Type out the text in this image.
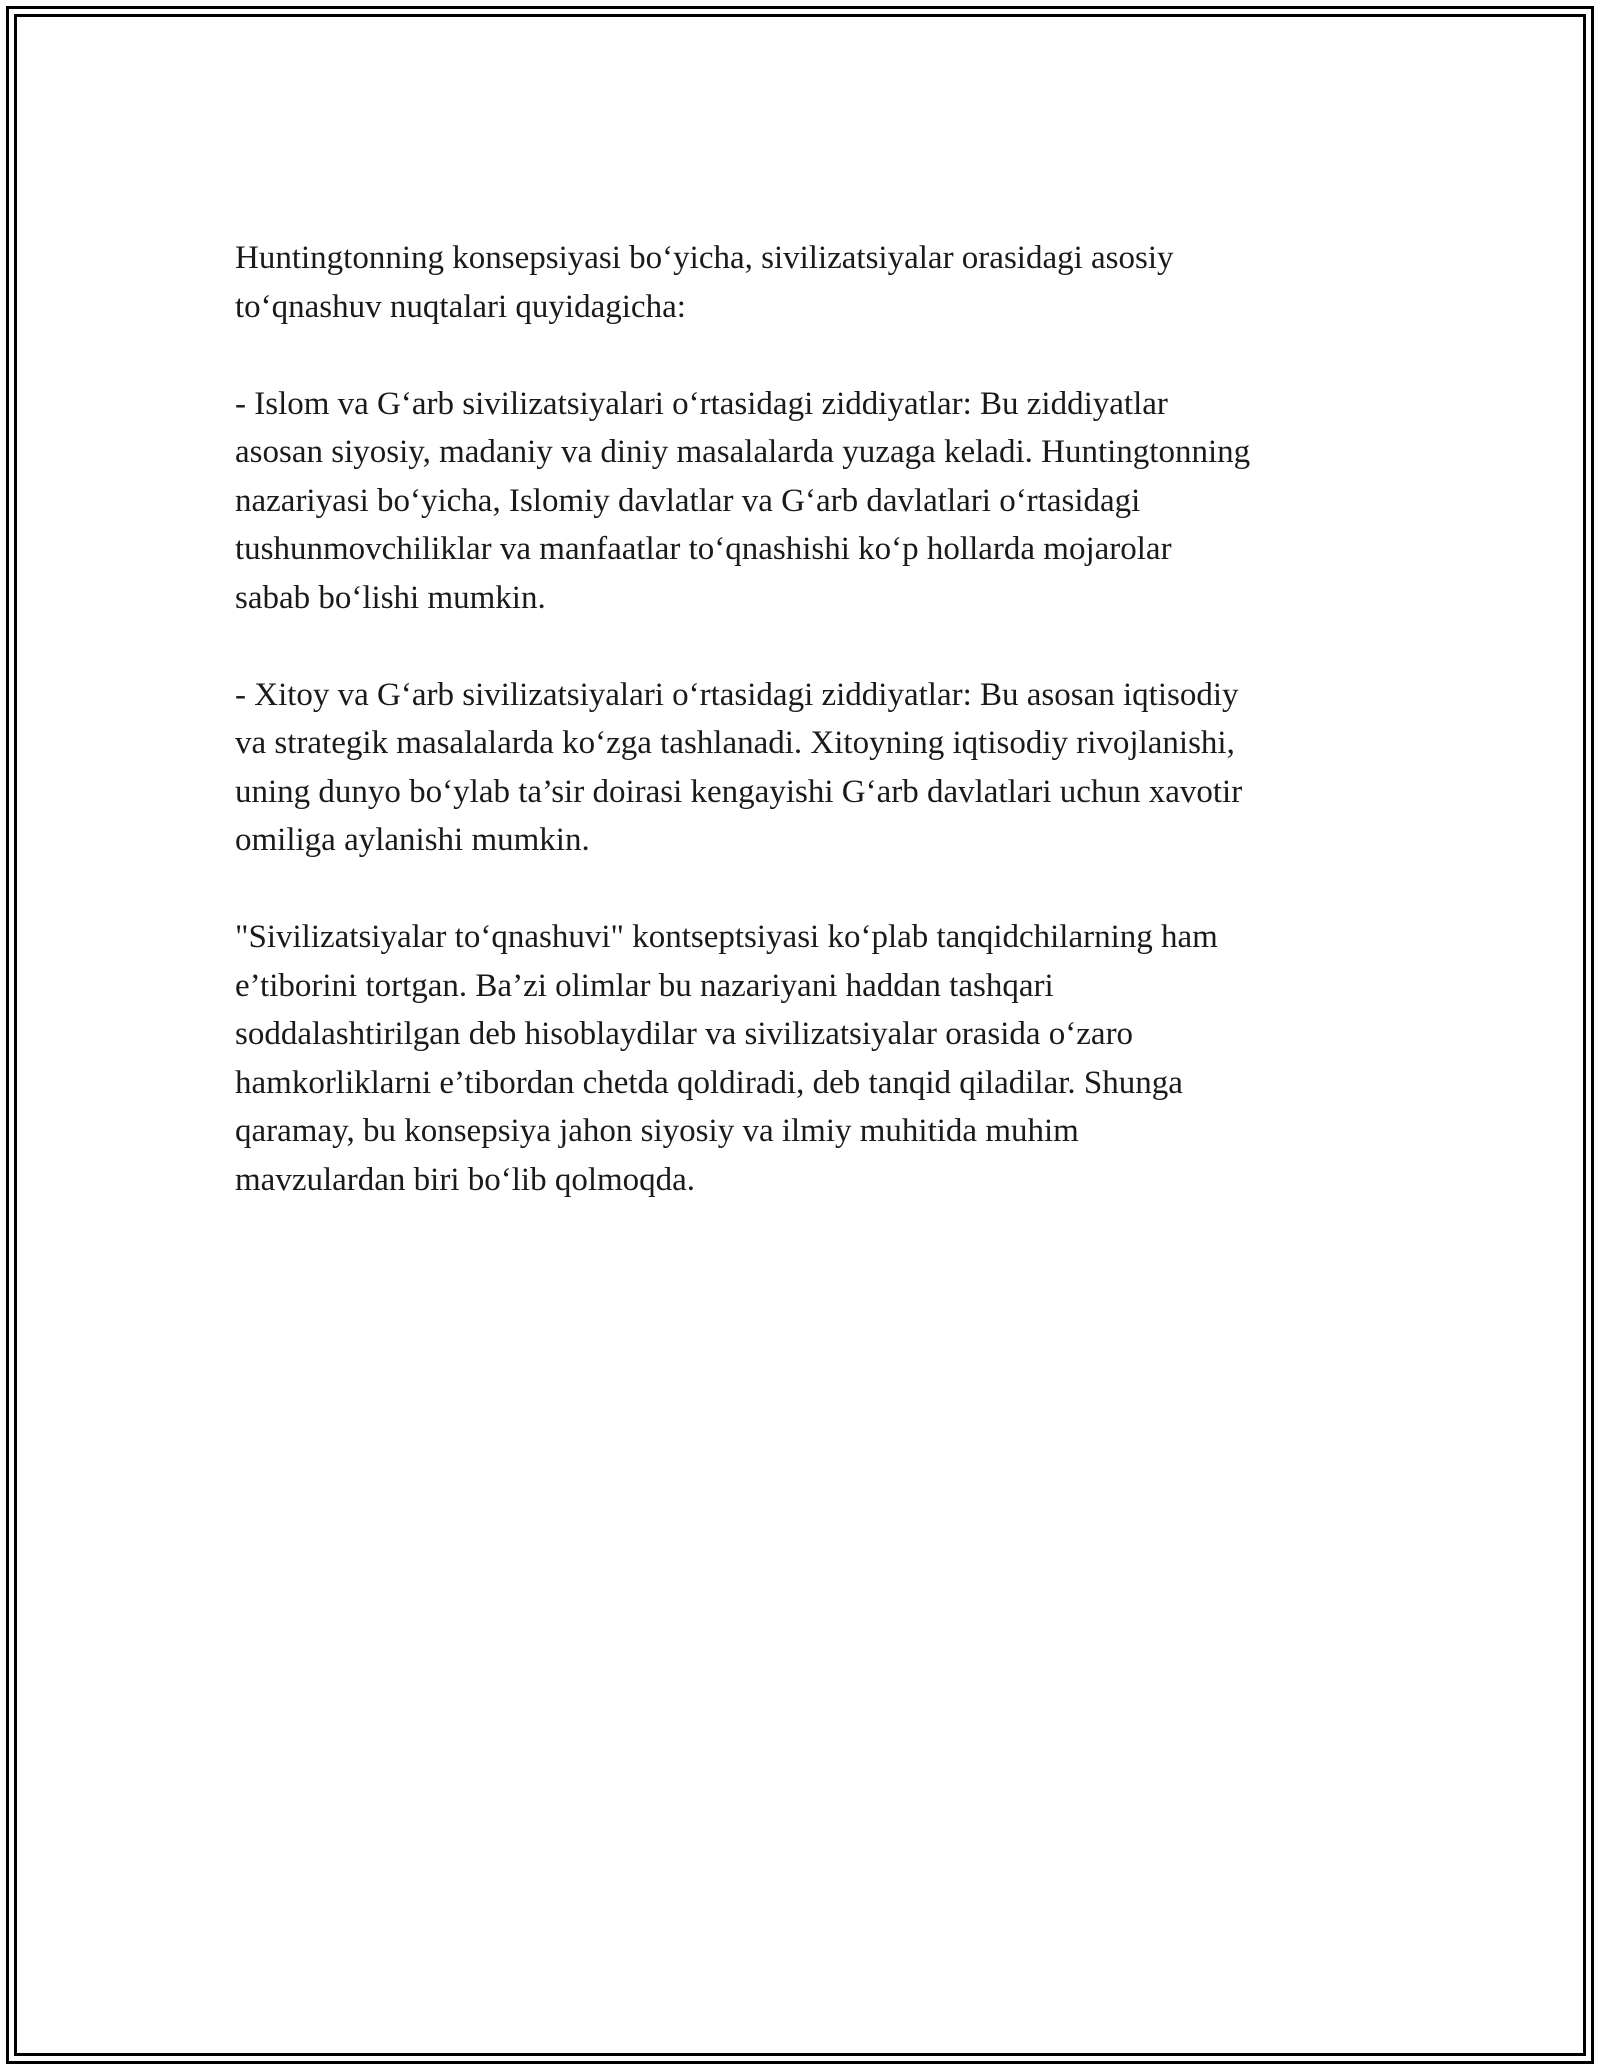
Huntingtonning konsepsiyasi bo‘yicha, sivilizatsiyalar orasidagi asosiy
to‘qnashuv nuqtalari quyidagicha:

- Islom va G‘arb sivilizatsiyalari o‘rtasidagi ziddiyatlar: Bu ziddiyatlar
asosan siyosiy, madaniy va diniy masalalarda yuzaga keladi. Huntingtonning
nazariyasi bo‘yicha, Islomiy davlatlar va G‘arb davlatlari o‘rtasidagi
tushunmovchiliklar va manfaatlar to‘qnashishi ko‘p hollarda mojarolar
sabab bo‘lishi mumkin.

- Xitoy va G‘arb sivilizatsiyalari o‘rtasidagi ziddiyatlar: Bu asosan iqtisodiy
va strategik masalalarda ko‘zga tashlanadi. Xitoyning iqtisodiy rivojlanishi,
uning dunyo bo‘ylab ta’sir doirasi kengayishi G‘arb davlatlari uchun xavotir
omiliga aylanishi mumkin.

"Sivilizatsiyalar to‘qnashuvi" kontseptsiyasi ko‘plab tanqidchilarning ham
e’tiborini tortgan. Ba’zi olimlar bu nazariyani haddan tashqari
soddalashtirilgan deb hisoblaydilar va sivilizatsiyalar orasida o‘zaro
hamkorliklarni e’tibordan chetda qoldiradi, deb tanqid qiladilar. Shunga
qaramay, bu konsepsiya jahon siyosiy va ilmiy muhitida muhim
mavzulardan biri bo‘lib qolmoqda.
